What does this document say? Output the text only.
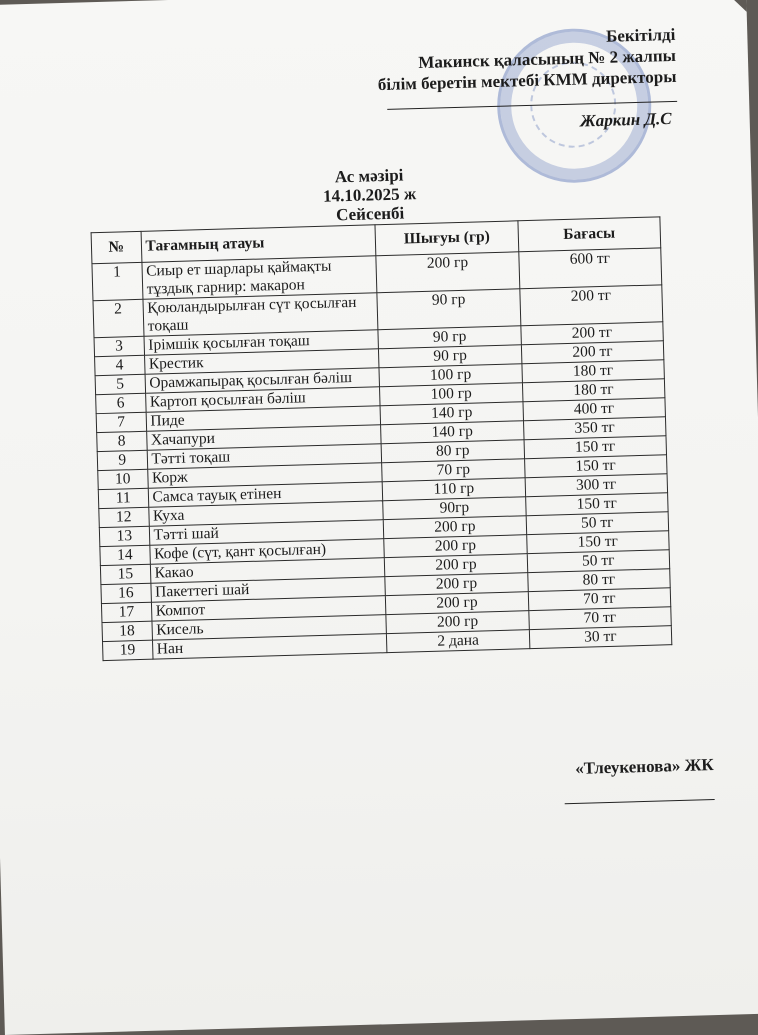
Бекітілді
Макинск қаласының № 2 жалпы
білім беретін мектебі КММ директоры
Жаркин Д.С
Ас мәзірі
14.10.2025 ж
Сейсенбі
№	Тағамның атауы	Шығуы (гр)	Бағасы
1	Сиыр ет шарлары қаймақты тұздық гарнир: макарон	200 гр	600 тг
2	Қоюландырылған сүт қосылған тоқаш	90 гр	200 тг
3	Ірімшік қосылған тоқаш	90 гр	200 тг
4	Крестик	90 гр	200 тг
5	Орамжапырақ қосылған бәліш	100 гр	180 тг
6	Картоп қосылған бәліш	100 гр	180 тг
7	Пиде	140 гр	400 тг
8	Хачапури	140 гр	350 тг
9	Тәтті тоқаш	80 гр	150 тг
10	Корж	70 гр	150 тг
11	Самса тауық етінен	110 гр	300 тг
12	Куха	90гр	150 тг
13	Тәтті шай	200 гр	50 тг
14	Кофе (сүт, қант қосылған)	200 гр	150 тг
15	Какао	200 гр	50 тг
16	Пакеттегі шай	200 гр	80 тг
17	Компот	200 гр	70 тг
18	Кисель	200 гр	70 тг
19	Нан	2 дана	30 тг
«Тлеукенова» ЖК
